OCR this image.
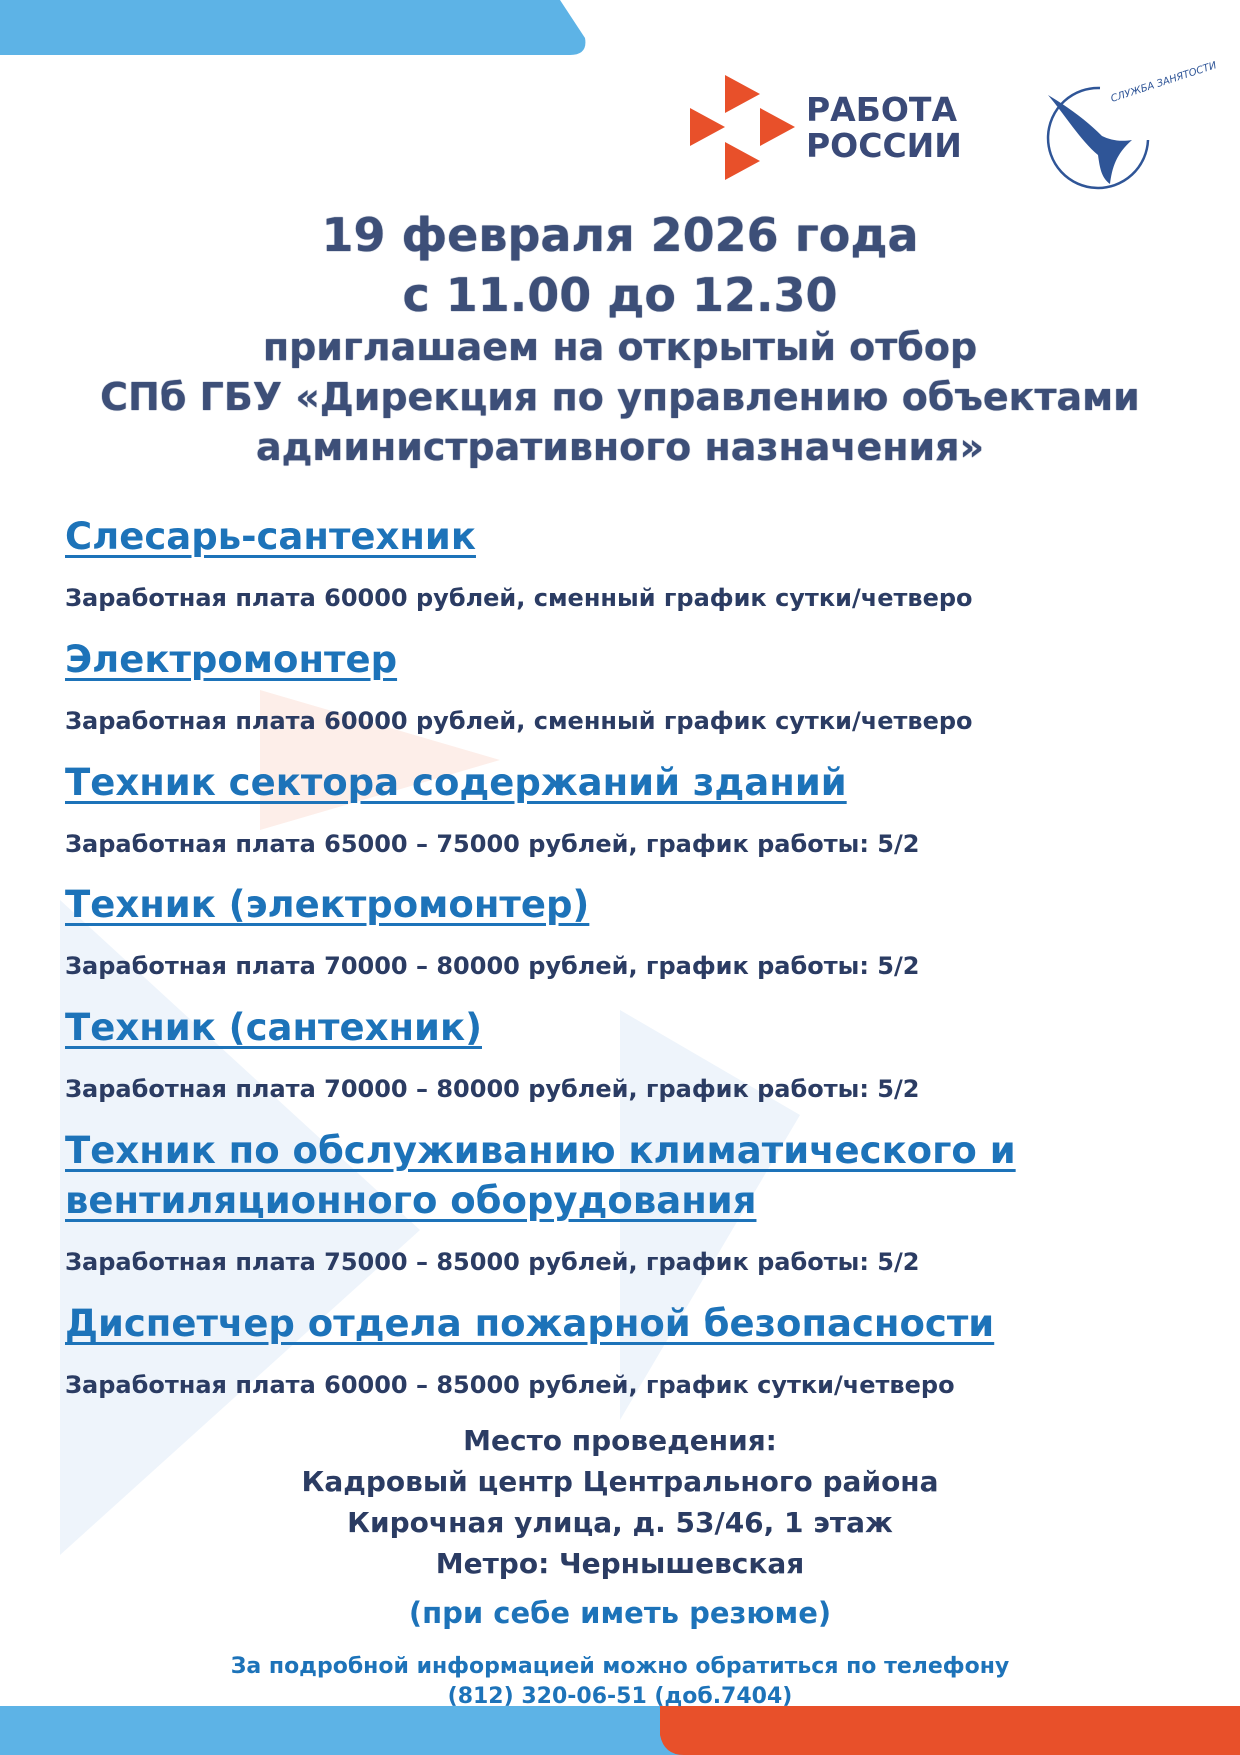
РАБОТА
РОССИИ
СЛУЖБА ЗАНЯТОСТИ
19 февраля 2026 года
с 11.00 до 12.30
приглашаем на открытый отбор
СПб ГБУ «Дирекция по управлению объектами
административного назначения»
Слесарь-сантехник
Заработная плата 60000 рублей, сменный график сутки/четверо
Электромонтер
Заработная плата 60000 рублей, сменный график сутки/четверо
Техник сектора содержаний зданий
Заработная плата 65000 – 75000 рублей, график работы: 5/2
Техник (электромонтер)
Заработная плата 70000 – 80000 рублей, график работы: 5/2
Техник (сантехник)
Заработная плата 70000 – 80000 рублей, график работы: 5/2
Техник по обслуживанию климатического и
вентиляционного оборудования
Заработная плата 75000 – 85000 рублей, график работы: 5/2
Диспетчер отдела пожарной безопасности
Заработная плата 60000 – 85000 рублей, график сутки/четверо
Место проведения:
Кадровый центр Центрального района
Кирочная улица, д. 53/46, 1 этаж
Метро: Чернышевская
(при себе иметь резюме)
За подробной информацией можно обратиться по телефону
(812) 320-06-51 (доб.7404)
